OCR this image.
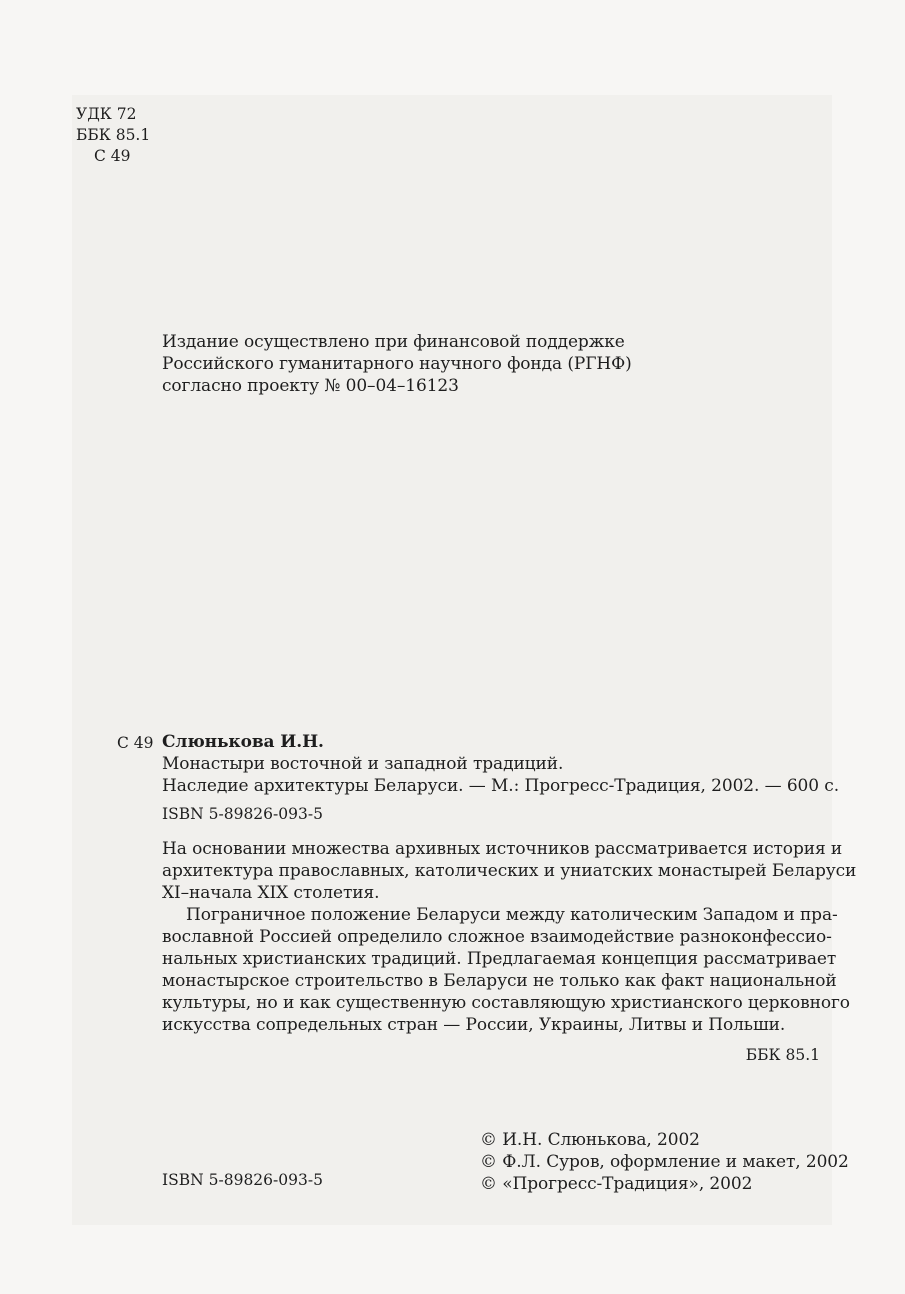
УДК 72
ББК 85.1
С 49
Издание осуществлено при финансовой поддержке
Российского гуманитарного научного фонда (РГНФ)
согласно проекту № 00–04–16123
С 49 Слюнькова И.Н.
Монастыри восточной и западной традиций.
Наследие архитектуры Беларуси. — М.: Прогресс-Традиция, 2002. — 600 с.
ISBN 5-89826-093-5
На основании множества архивных источников рассматривается история и
архитектура православных, католических и униатских монастырей Беларуси
XI–начала XIX столетия.
Пограничное положение Беларуси между католическим Западом и пра-
вославной Россией определило сложное взаимодействие разноконфессио-
нальных христианских традиций. Предлагаемая концепция рассматривает
монастырское строительство в Беларуси не только как факт национальной
культуры, но и как существенную составляющую христианского церковного
искусства сопредельных стран — России, Украины, Литвы и Польши.
ББК 85.1
ISBN 5-89826-093-5
© И.Н. Слюнькова, 2002
© Ф.Л. Суров, оформление и макет, 2002
© «Прогресс-Традиция», 2002
